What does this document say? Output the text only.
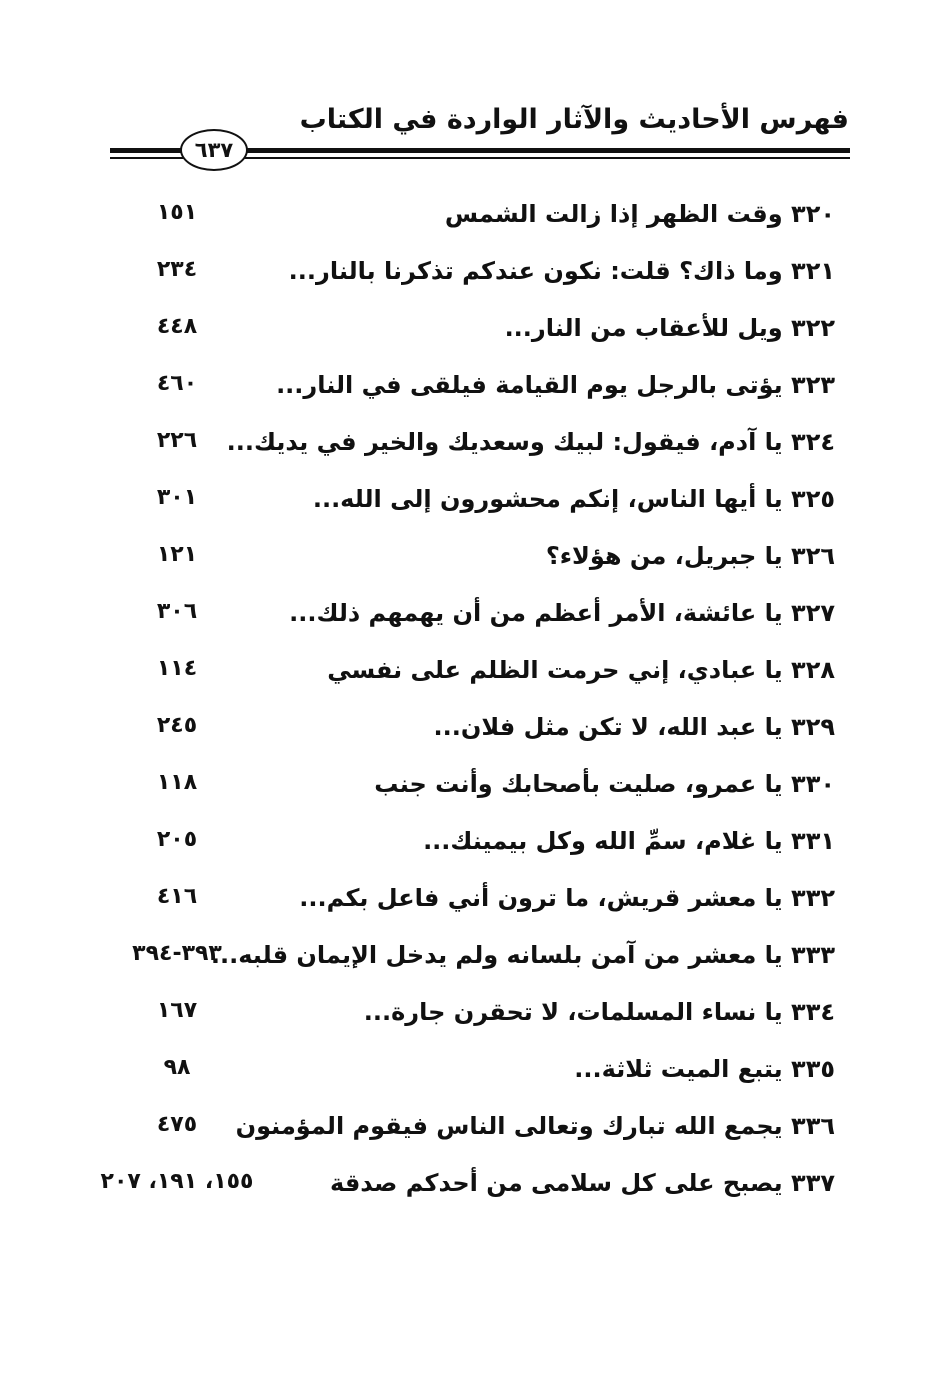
فهرس الأحاديث والآثار الواردة في الكتاب
٦٣٧
٣٢٠ وقت الظهر إذا زالت الشمس
١٥١
٣٢١ وما ذاك؟ قلت: نكون عندكم تذكرنا بالنار...
٢٣٤
٣٢٢ ويل للأعقاب من النار...
٤٤٨
٣٢٣ يؤتى بالرجل يوم القيامة فيلقى في النار...
٤٦٠
٣٢٤ يا آدم، فيقول: لبيك وسعديك والخير في يديك...
٢٢٦
٣٢٥ يا أيها الناس، إنكم محشورون إلى الله...
٣٠١
٣٢٦ يا جبريل، من هؤلاء؟
١٢١
٣٢٧ يا عائشة، الأمر أعظم من أن يهمهم ذلك...
٣٠٦
٣٢٨ يا عبادي، إني حرمت الظلم على نفسي
١١٤
٣٢٩ يا عبد الله، لا تكن مثل فلان...
٢٤٥
٣٣٠ يا عمرو، صليت بأصحابك وأنت جنب
١١٨
٣٣١ يا غلام، سمِّ الله وكل بيمينك...
٢٠٥
٣٣٢ يا معشر قريش، ما ترون أني فاعل بكم...
٤١٦
٣٣٣ يا معشر من آمن بلسانه ولم يدخل الإيمان قلبه...
٣٩٣-٣٩٤
٣٣٤ يا نساء المسلمات، لا تحقرن جارة...
١٦٧
٣٣٥ يتبع الميت ثلاثة...
٩٨
٣٣٦ يجمع الله تبارك وتعالى الناس فيقوم المؤمنون
٤٧٥
٣٣٧ يصبح على كل سلامى من أحدكم صدقة
١٥٥، ١٩١، ٢٠٧
